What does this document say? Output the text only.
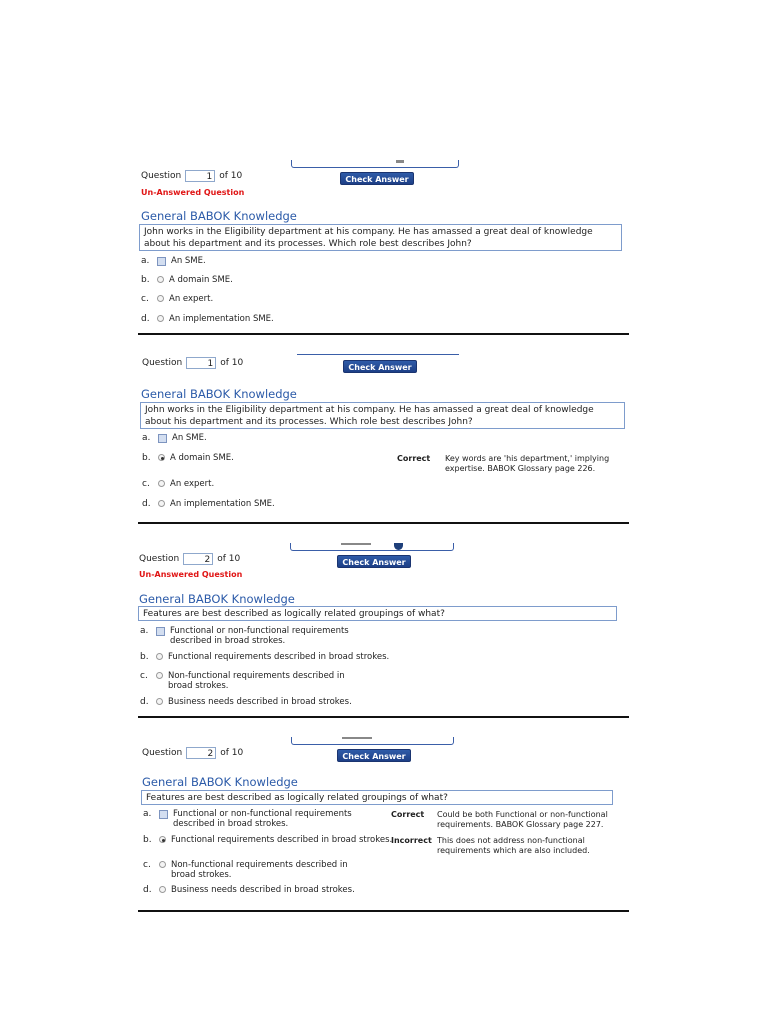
Question	1 of 10	Check Answer
Un-Answered Question
General BABOK Knowledge
John works in the Eligibility department at his company. He has amassed a great deal of knowledge about his department and its processes. Which role best describes John?
a.	An SME.
b.	A domain SME.
c.	An expert.
d.	An implementation SME.
Question	1 of 10	Check Answer
General BABOK Knowledge
John works in the Eligibility department at his company. He has amassed a great deal of knowledge about his department and its processes. Which role best describes John?
a.	An SME.
b.	A domain SME.	Correct Key words are 'his department,' implying expertise. BABOK Glossary page 226.
c.	An expert.
d.	An implementation SME.
Question	2 of 10	Check Answer
Un-Answered Question
General BABOK Knowledge
Features are best described as logically related groupings of what?
a.	Functional or non-functional requirements described in broad strokes.
b.	Functional requirements described in broad strokes.
c.	Non-functional requirements described in broad strokes.
d.	Business needs described in broad strokes.
Question	2 of 10	Check Answer
General BABOK Knowledge
Features are best described as logically related groupings of what?
a.	Functional or non-functional requirements described in broad strokes.
Correct Could be both Functional or non-functional requirements. BABOK Glossary page 227.
b.	Functional requirements described in broad strokes.
Incorrect This does not address non-functional requirements which are also included.
c.	Non-functional requirements described in broad strokes.
d.	Business needs described in broad strokes.
